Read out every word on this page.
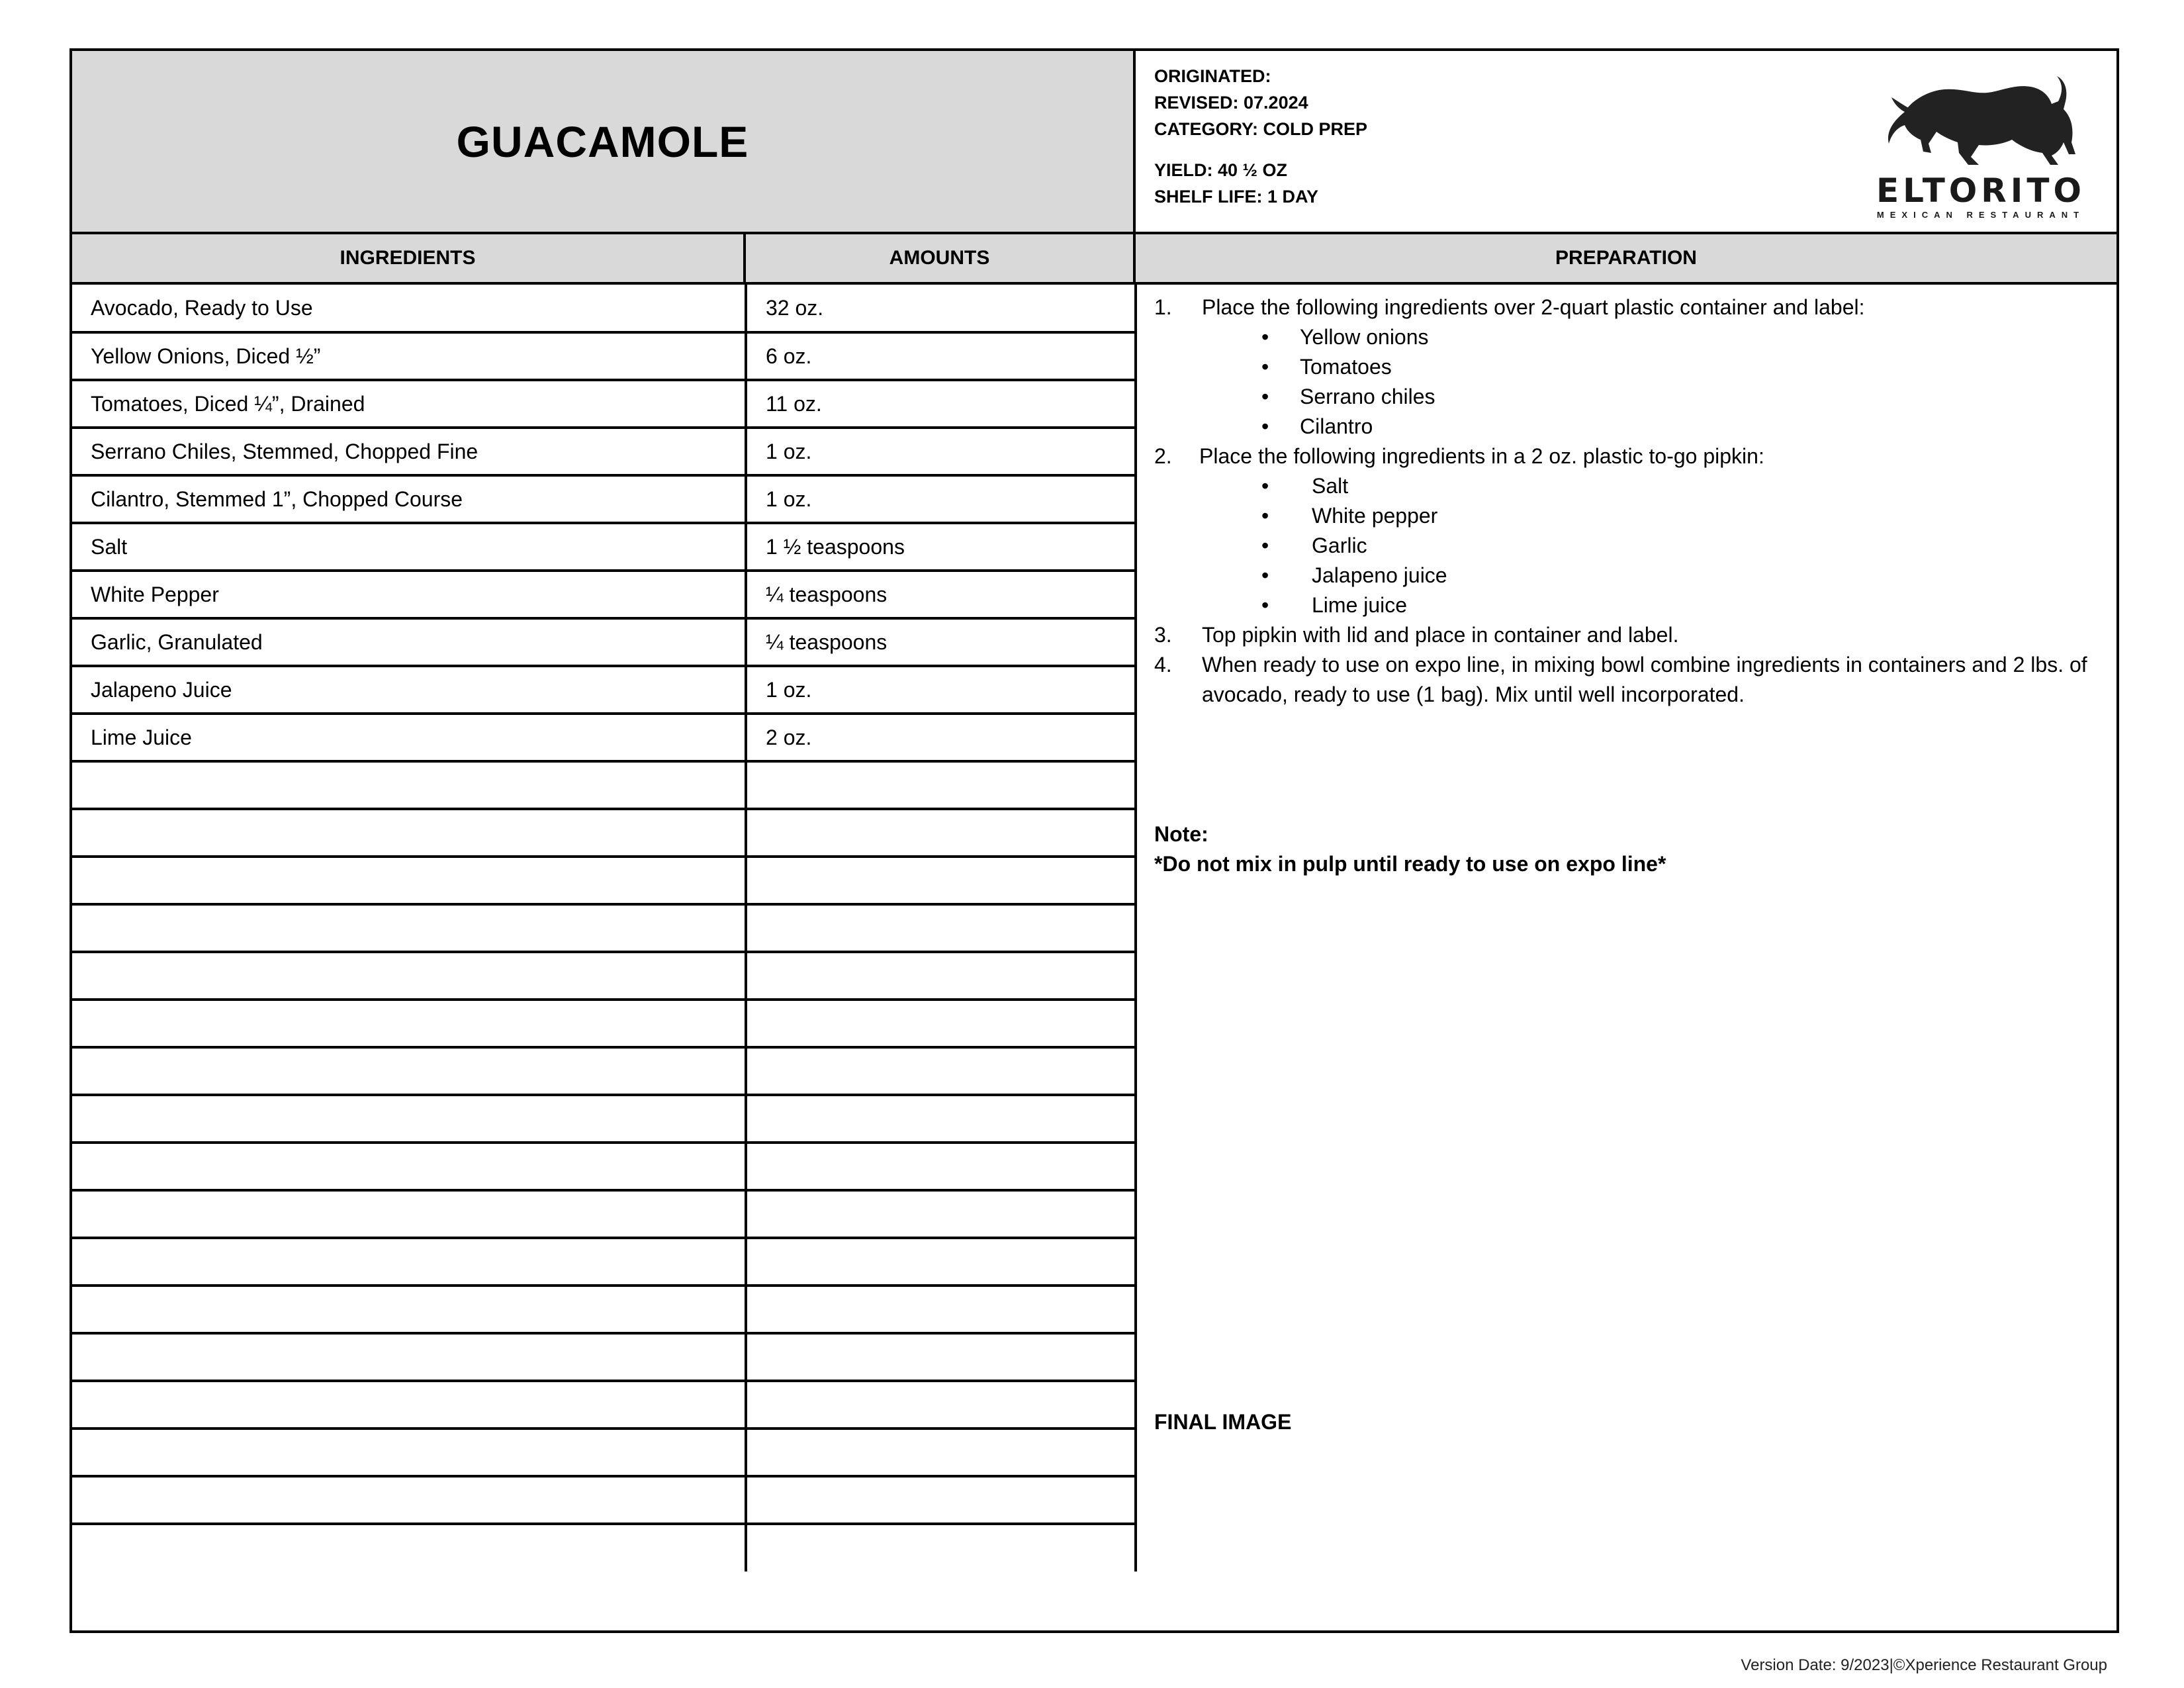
GUACAMOLE
ORIGINATED:
REVISED: 07.2024
CATEGORY: COLD PREP
YIELD: 40 ½ OZ
SHELF LIFE: 1 DAY	ELTORITO
MEXICAN RESTAURANT
INGREDIENTS	AMOUNTS	PREPARATION
Avocado, Ready to Use	32 oz.
Yellow Onions, Diced ½”	6 oz.
Tomatoes, Diced ¼”, Drained	11 oz.
Serrano Chiles, Stemmed, Chopped Fine	1 oz.
Cilantro, Stemmed 1”, Chopped Course	1 oz.
Salt	1 ½ teaspoons
White Pepper	¼ teaspoons
Garlic, Granulated	¼ teaspoons
Jalapeno Juice	1 oz.
Lime Juice	2 oz.

1.	Place the following ingredients over 2-quart plastic container and label:
• Yellow onions
• Tomatoes
• Serrano chiles
• Cilantro
2.	Place the following ingredients in a 2 oz. plastic to-go pipkin:
• Salt
• White pepper
• Garlic
• Jalapeno juice
• Lime juice
3.	Top pipkin with lid and place in container and label.
4.	When ready to use on expo line, in mixing bowl combine ingredients in containers and 2 lbs. of avocado, ready to use (1 bag). Mix until well incorporated.
Note:
*Do not mix in pulp until ready to use on expo line*
FINAL IMAGE
Version Date: 9/2023|©Xperience Restaurant Group
